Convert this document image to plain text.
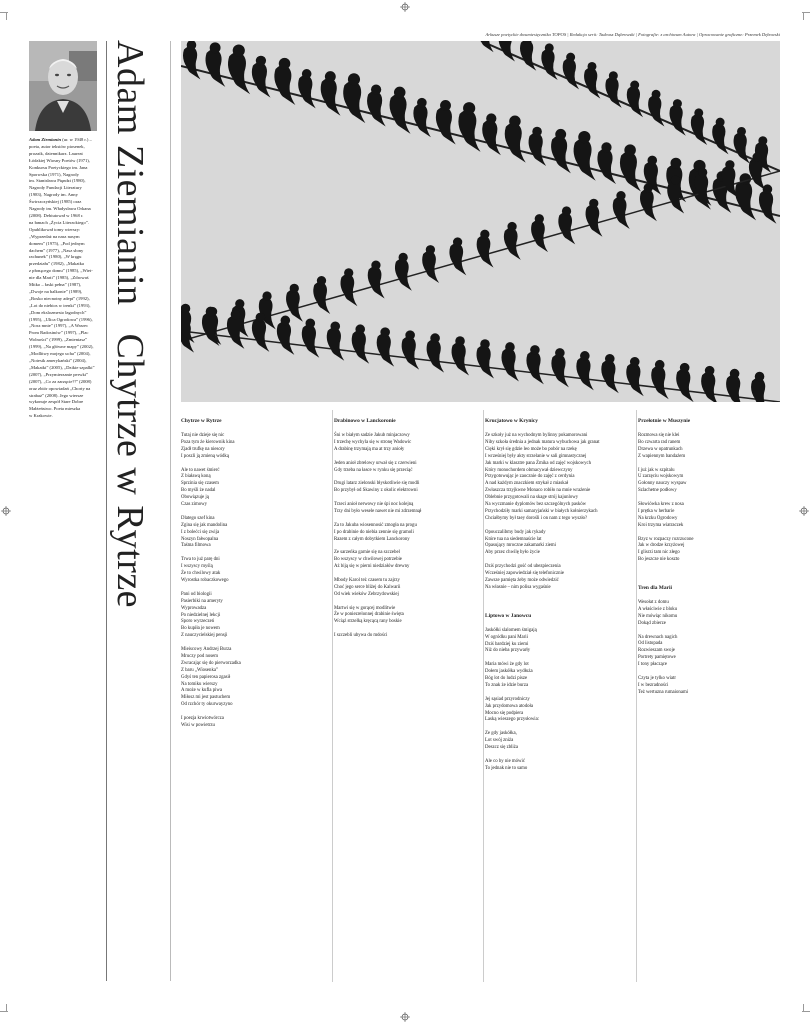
Arkusze poetyckie dwumiesięcznika TOPOS | Redakcja serii: Tadeusz Dąbrowski | Fotografie: z archiwum Autora | Opracowanie graficzne: Przemek Dębowski
Adam Ziemianin (ur. w 1948 r.) –
poeta, autor tekstów piosenek,
prozaik, dziennikarz. Laureat
Łódzkiej Wiosny Poetów (1971),
Konkursu Poetyckiego im. Jana
Sporwska (1971), Nagrody
im. Stanisława Pięndzi (1980),
Nagrody Fundacji Literatury
(1983), Nagrody im. Anny
Świrszczyńskiej (1985) oraz
Nagrody im. Władysława Orkana
(2008). Debiutował w 1968 r.
na łamach „Życia Literackiego”.
Opublikował tomy wierszy:
„Wyprzedaż na nasz nasym
domem” (1975), „Pod jednym
dachem” (1977), „Nasz słony
rachunek” (1980), „W kręgu
przedziału” (1982), „Makatka
z płonącego domu” (1985), „Wiet-
nie dla Marii” (1985), „Zdrowaś
Mitko – łaski pełna” (1987),
„Dwoje na balkonie” (1989),
„Bosko niecnotny adept” (1992),
„Lot do niebios w irenki” (1993),
„Dom ekslozmesto łagodnych”
(1995), „Ulica Ogrodowa” (1996),
„Nosz mnie” (1997), „A Wasrec
Prom Radosinów” (1997), „Plac
Wolności” (1999), „Zmieniasz”
(1999), „Na główne mapy” (2002),
„Modlitwy mojego ucha” (2004),
„Notesik amerykański” (2004),
„Makatki” (2005), „Dzikie szpalki”
(2007), „Przymierzanie perwki”
(2007), „Co za zarzęcie?!” (2008)
oraz zbiór opowiadań „Chorty na
strabaż” (2008). Jego wiersze
wykonuje zespół Stare Dobre
Małżeństwo. Poeta mieszka
w Krakowie.

Adam ZiemianinChytrze w Rytrze	Chytrze w Rytrze
Tutaj nie dzieje się nic
Poza tym że kierownik kina
Zjadł trufkę na niesory
I poszli ją zmieną wódką
Ale to nawet śmierć
Z białawą koną
Sprzinia się czasem
Bo myśli że nadal
Obowiązuje ją
Czas zimowy
Dlatego szef kina
Zgina się jak mandolina
I z bolećci się zwija
Noszyn fałwopalna
Taśma filmowa
Trwa to już parę dni
I wszyscy myślą
Że to chwilowy atak
Wyrostka robaczkowego
Pani od biologii
Pasierbiki na ameryty
Wyprowadza
Po niedzielnej lekcji
Sporo wyrzeczeń
Bo kupiła je nowem
Z nauczycielskiej pensji
Mieiscowy Andrzej Burza
Mruczy pod nosem
Zwracając się do pierworzadka
Z baru „Wiosenka”
Gdyś ten papierosa zgasił
Na tomiku wierszy
A może w kufla piwa
Miłosz mi jest pastuchem
Od rzchór ty okurwayzyno
I poezja krwiotwórcza
Wisi w powietrzu
Drabinowo w Lanckoronie
Śni w białym sadzie Jakub minjaczowy
I trzechę wychyla się w stronę Wadowic
A drabinę trzymają ma at trzy anioły
Jeden anioł zbrelowy urwał się z czerwieni
Gdy trzeba na łasce w rynku się przeciąć
Drugi latarz zielonski błyskotliwie się modli
Bo przybył od Skawiny z okolic elektrowni
Trzeci anioł nerwowy nie śpi noc kolejną
Trzy dni było wesele nawet nie mi zdrzemnął
Za to Jakuba wiosennosić zmogła na progu
I po drabinie do niebia zennie się gramoli
Razem z całym dobytkiem Lanckorony
Ze sarzeńka garnie się na szczebel
Bo wszyscy w chwilowej potrzebie
Aż biją się w pierni niedziałów drewny
Mbody Karol też czasem tu zajrzy
Choć jego serce bliżej do Kalwarii
Od wiek wieków Zebrzydowskiej
Martwi się w gorącej modlitwie
Że w poniezrelonnej drabinie święta
Wciąż strzelką kręcącą rany boskie
I szczebli ubywa do mdości
Krucjatowo w Krynicy
Ze szkoły już na wychodnym bylinny pokamorowani
Niby szkoła średnia a jednak matura wybuchowa jak granat
Cięki krył się gdzie leo może bo pobór na rzekę
I wrześniej były akty strzelanie w sali gimnastycznej
Jak marki w klasztre pana Żmika od zajęć wojskowych
Który monochordem obmacywał dziewczyny
Przygotowując je zaocznie do zajęć z cerdynia
A nad każdym znaczkiem strykał z miaskał
Zwłaszcza trzyjkwne Monaco robiło na mnie wrażenie
Oblebnie przygotowali na skage strój kajunlowy
Na wyczmanie dyplomów bez szczególnych pasków
Przychodziły marki samaryjański w białych kołnierzykach
Chciałbymy był taey dorośli i on nam z tego wyszło?
Opouczalibmy budy jak rykady
Które tua na siedemnaście lat
Opasujący mroczne zakamarki ziemi
Aby przez chwilę było życie
Dziś przychodzi gość od ubezpieczenia
Wcześniej zapowiedział się telefonicznie
Zawsze pamięta żeby może odwiedzić
Na własnie – nim polisa wygaśnie
Liptowo w Janowcu
Jaskółki slalomem śmigają
W ogródku pani Marii
Dziś bardziej ku ziemi
Niż do nieba przywarły
Maria mówi że gdy lot
Dołem jaskółka wydłuża
Bóg lot do ludzi pisze
To znak że idzie burza
Jej sąsiad przyrodniczy
Jak przydomowa atodoła
Mocno się podpiera
Laską wieszego przysłowia:
Ze gdy jaskółka,
Lot swój zniża
Deszcz się zbliża
Ale co by nie mówić
To jednak nie to samo
Przełotnie w Muszynie
Rozmowa się nie klei
Bo czwarta rad ranem
Drzewa w opatrunkach
Z wapiennym bandażem
I już jak w szpitalu
U zarzęciu wojskowym
Gołonny nauczy wyspaw
Szlachetne podłowy
Słowiówka krew z nosa
I prętka w herbarie
Na krzku Ogrodowy
Kroi trzyma wiatraczek
Bzyz w rozpaczy rozrzucone
Jak w drodze krzyżowej
I glisrzi tam nic złego
Bo jeszcze nie koszto
Tren dla Marii
Wesołat z domu
A właściwie z bloku
Nie mówiąc nikomu
Dokąd zbierze
Na drewnach nagich
Od listopada
Rozwieszam swoje
Portrety pamiętowe
I tony płaczące
Czyta je tylko wiatr
I w bezradności
Też wertuzna rumaionami
